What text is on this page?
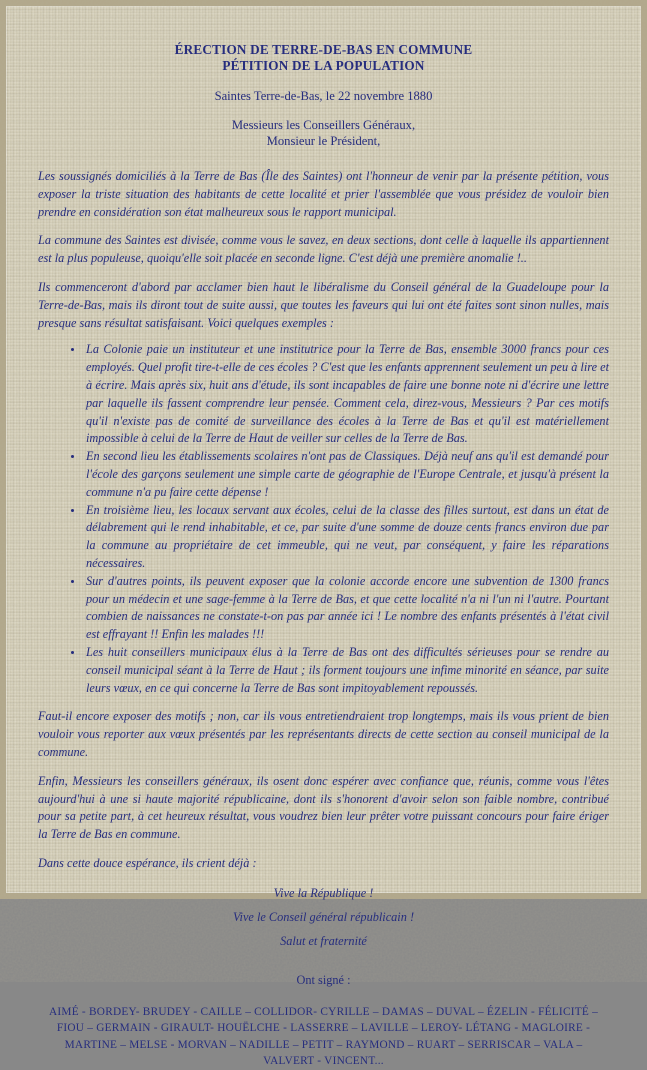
ÉRECTION DE TERRE-DE-BAS EN COMMUNE
PÉTITION DE LA POPULATION
Saintes Terre-de-Bas, le 22 novembre 1880
Messieurs les Conseillers Généraux,
Monsieur le Président,

Les soussignés domiciliés à la Terre de Bas (Île des Saintes) ont l'honneur de venir par la présente pétition, vous exposer la triste situation des habitants de cette localité et prier l'assemblée que vous présidez de vouloir bien prendre en considération son état malheureux sous le rapport municipal.

La commune des Saintes est divisée, comme vous le savez, en deux sections, dont celle à laquelle ils appartiennent est la plus populeuse, quoiqu'elle soit placée en seconde ligne. C'est déjà une première anomalie !..

Ils commenceront d'abord par acclamer bien haut le libéralisme du Conseil général de la Guadeloupe pour la Terre-de-Bas, mais ils diront tout de suite aussi, que toutes les faveurs qui lui ont été faites sont sinon nulles, mais presque sans résultat satisfaisant. Voici quelques exemples :

• La Colonie paie un instituteur et une institutrice pour la Terre de Bas, ensemble 3000 francs pour ces employés. Quel profit tire-t-elle de ces écoles ? C'est que les enfants apprennent seulement un peu à lire et à écrire. Mais après six, huit ans d'étude, ils sont incapables de faire une bonne note ni d'écrire une lettre par laquelle ils fassent comprendre leur pensée. Comment cela, direz-vous, Messieurs ? Par ces motifs qu'il n'existe pas de comité de surveillance des écoles à la Terre de Bas et qu'il est matériellement impossible à celui de la Terre de Haut de veiller sur celles de la Terre de Bas.
• En second lieu les établissements scolaires n'ont pas de Classiques. Déjà neuf ans qu'il est demandé pour l'école des garçons seulement une simple carte de géographie de l'Europe Centrale, et jusqu'à présent la commune n'a pu faire cette dépense !
• En troisième lieu, les locaux servant aux écoles, celui de la classe des filles surtout, est dans un état de délabrement qui le rend inhabitable, et ce, par suite d'une somme de douze cents francs environ due par la commune au propriétaire de cet immeuble, qui ne veut, par conséquent, y faire les réparations nécessaires.
• Sur d'autres points, ils peuvent exposer que la colonie accorde encore une subvention de 1300 francs pour un médecin et une sage-femme à la Terre de Bas, et que cette localité n'a ni l'un ni l'autre. Pourtant combien de naissances ne constate-t-on pas par année ici ! Le nombre des enfants présentés à l'état civil est effrayant !! Enfin les malades !!!
• Les huit conseillers municipaux élus à la Terre de Bas ont des difficultés sérieuses pour se rendre au conseil municipal séant à la Terre de Haut ; ils forment toujours une infime minorité en séance, par suite leurs vœux, en ce qui concerne la Terre de Bas sont impitoyablement repoussés.

Faut-il encore exposer des motifs ; non, car ils vous entretiendraient trop longtemps, mais ils vous prient de bien vouloir vous reporter aux vœux présentés par les représentants directs de cette section au conseil municipal de la commune.

Enfin, Messieurs les conseillers généraux, ils osent donc espérer avec confiance que, réunis, comme vous l'êtes aujourd'hui à une si haute majorité républicaine, dont ils s'honorent d'avoir selon son faible nombre, contribué pour sa petite part, à cet heureux résultat, vous voudrez bien leur prêter votre puissant concours pour faire ériger la Terre de Bas en commune.

Dans cette douce espérance, ils crient déjà :

Vive la République !
Vive le Conseil général républicain !
Salut et fraternité
Ont signé :
AIMÉ - BORDEY- BRUDEY - CAILLE – COLLIDOR- CYRILLE – DAMAS – DUVAL – ÉZELIN - FÉLICITÉ – FIOU – GERMAIN - GIRAULT- HOUËLCHE - LASSERRE – LAVILLE – LEROY- LÉTANG - MAGLOIRE - MARTINE – MELSE - MORVAN – NADILLE – PETIT – RAYMOND – RUART – SERRISCAR – VALA – VALVERT - VINCENT...
